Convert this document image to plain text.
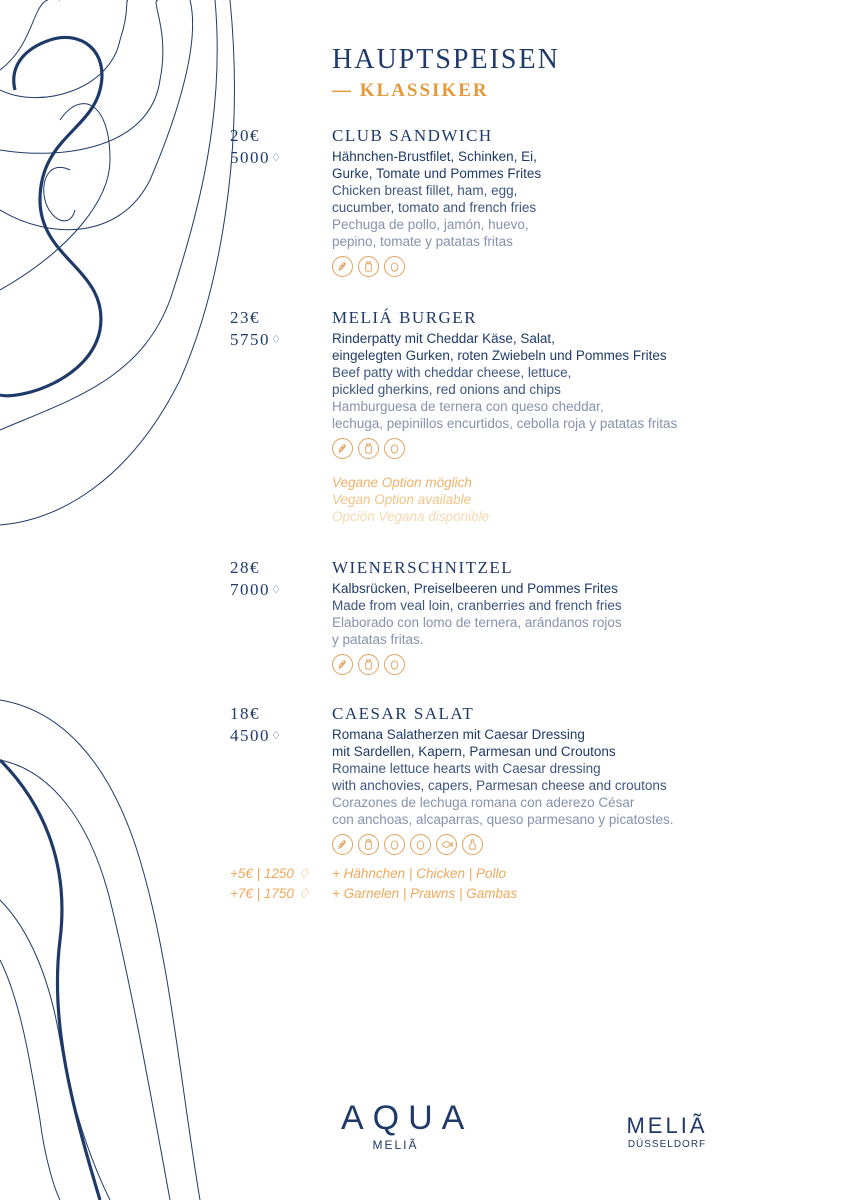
HAUPTSPEISEN
— KLASSIKER
20€
5000♢
CLUB SANDWICH
Hähnchen-Brustfilet, Schinken, Ei,
Gurke, Tomate und Pommes Frites
Chicken breast fillet, ham, egg,
cucumber, tomato and french fries
Pechuga de pollo, jamón, huevo,
pepino, tomate y patatas fritas
23€
5750♢
MELIÁ BURGER
Rinderpatty mit Cheddar Käse, Salat,
eingelegten Gurken, roten Zwiebeln und Pommes Frites
Beef patty with cheddar cheese, lettuce,
pickled gherkins, red onions and chips
Hamburguesa de ternera con queso cheddar,
lechuga, pepinillos encurtidos, cebolla roja y patatas fritas
Vegane Option möglich
Vegan Option available
Opción Vegana disponible
28€
7000♢
WIENERSCHNITZEL
Kalbsrücken, Preiselbeeren und Pommes Frites
Made from veal loin, cranberries and french fries
Elaborado con lomo de ternera, arándanos rojos
y patatas fritas.
18€
4500♢
CAESAR SALAT
Romana Salatherzen mit Caesar Dressing
mit Sardellen, Kapern, Parmesan und Croutons
Romaine lettuce hearts with Caesar dressing
with anchovies, capers, Parmesan cheese and croutons
Corazones de lechuga romana con aderezo César
con anchoas, alcaparras, queso parmesano y picatostes.
+5€ | 1250 ♢ + Hähnchen | Chicken | Pollo
+7€ | 1750 ♢ + Garnelen | Prawns | Gambas
AQUA
MELIÃ
MELIÃ
DÜSSELDORF
